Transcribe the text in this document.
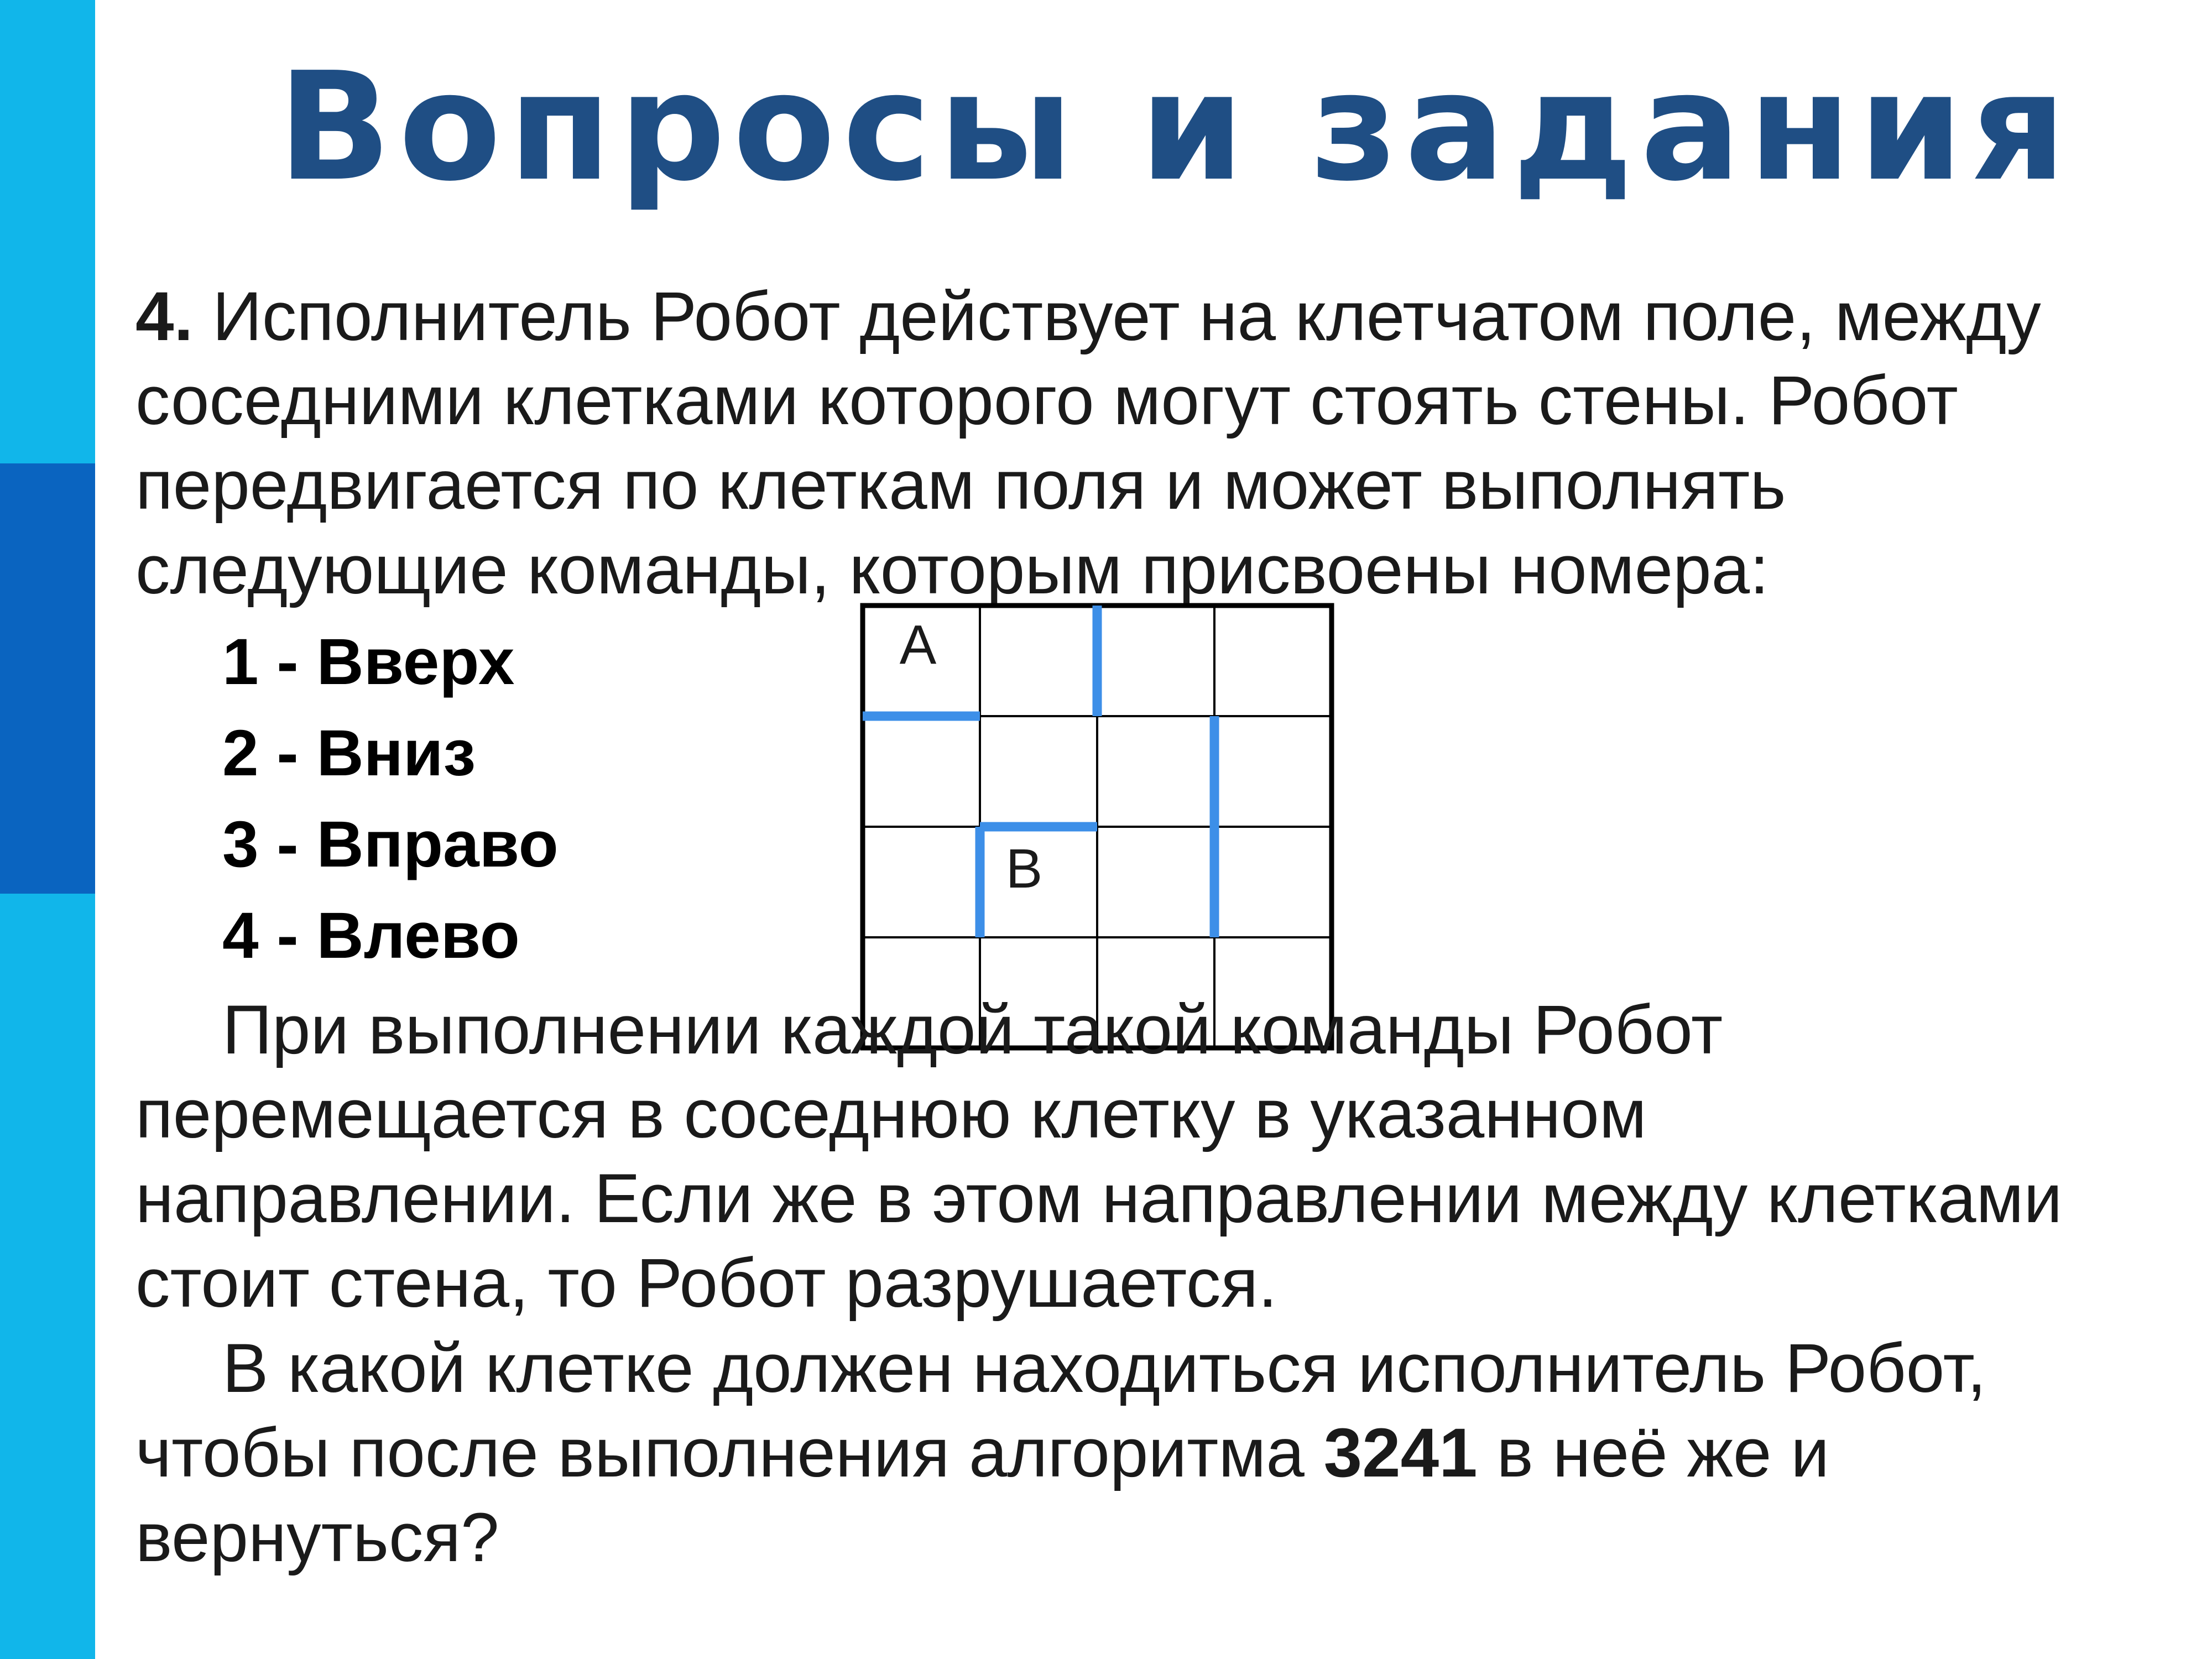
Вопросы и задания
4. Исполнитель Робот действует на клетчатом поле, между
соседними клетками которого могут стоять стены. Робот
передвигается по клеткам поля и может выполнять
следующие команды, которым присвоены номера:
1 - Вверх
2 - Вниз
3 - Вправо
4 - Влево
А
В
При выполнении каждой такой команды Робот
перемещается в соседнюю клетку в указанном
направлении. Если же в этом направлении между клетками
стоит стена, то Робот разрушается.
В какой клетке должен находиться исполнитель Робот,
чтобы после выполнения алгоритма 3241 в неё же и
вернуться?
